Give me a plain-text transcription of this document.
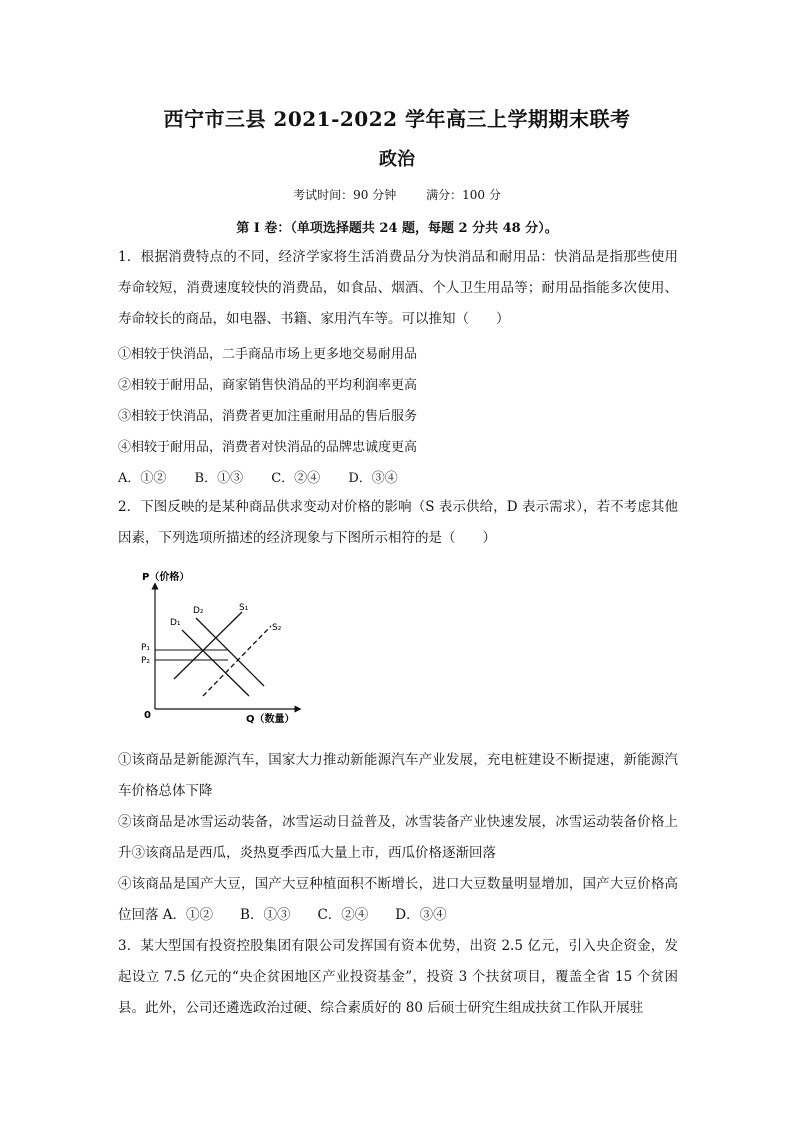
西宁市三县 2021-2022 学年高三上学期期末联考
政治
考试时间：90 分钟 满分：100 分
第 I 卷：（单项选择题共 24 题，每题 2 分共 48 分）。
1．根据消费特点的不同，经济学家将生活消费品分为快消品和耐用品：快消品是指那些使用寿命较短，消费速度较快的消费品，如食品、烟酒、个人卫生用品等；耐用品指能多次使用、寿命较长的商品，如电器、书籍、家用汽车等。可以推知（　　）
①相较于快消品，二手商品市场上更多地交易耐用品
②相较于耐用品，商家销售快消品的平均利润率更高
③相较于快消品，消费者更加注重耐用品的售后服务
④相较于耐用品，消费者对快消品的品牌忠诚度更高
A．①② B．①③ C．②④ D．③④
2．下图反映的是某种商品供求变动对价格的影响（S 表示供给，D 表示需求），若不考虑其他因素，下列选项所描述的经济现象与下图所示相符的是（　　）
P（价格）
Q（数量）
0
P₁
P₂
D₁
D₂	S₁
S₂
①该商品是新能源汽车，国家大力推动新能源汽车产业发展，充电桩建设不断提速，新能源汽车价格总体下降
②该商品是冰雪运动装备，冰雪运动日益普及，冰雪装备产业快速发展，冰雪运动装备价格上升③该商品是西瓜，炎热夏季西瓜大量上市，西瓜价格逐渐回落
④该商品是国产大豆，国产大豆种植面积不断增长，进口大豆数量明显增加，国产大豆价格高位回落 A．①②　　B．①③　　C．②④　　D．③④
3．某大型国有投资控股集团有限公司发挥国有资本优势，出资 2.5 亿元，引入央企资金，发起设立 7.5 亿元的“央企贫困地区产业投资基金”，投资 3 个扶贫项目，覆盖全省 15 个贫困县。此外，公司还遴选政治过硬、综合素质好的 80 后硕士研究生组成扶贫工作队开展驻
